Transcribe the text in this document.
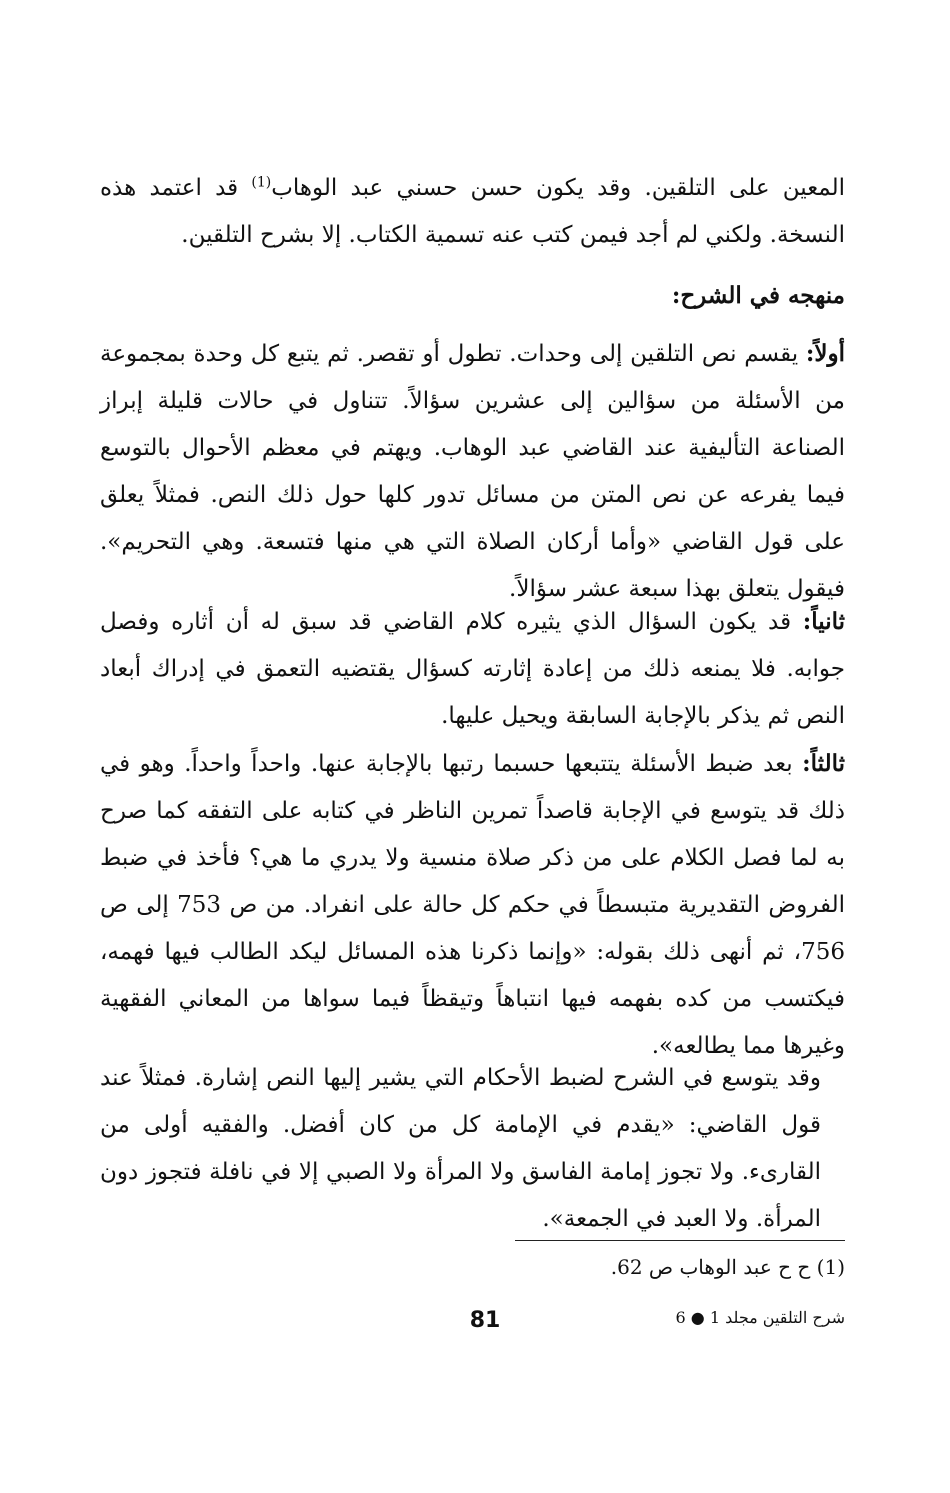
المعين على التلقين. وقد يكون حسن حسني عبد الوهاب$^{(1)}$ قد اعتمد هذه النسخة. ولكني لم أجد فيمن كتب عنه تسمية الكتاب. إلا بشرح التلقين.

منهجه في الشرح:

أولاً: يقسم نص التلقين إلى وحدات. تطول أو تقصر. ثم يتبع كل وحدة بمجموعة من الأسئلة من سؤالين إلى عشرين سؤالاً. تتناول في حالات قليلة إبراز الصناعة التأليفية عند القاضي عبد الوهاب. ويهتم في معظم الأحوال بالتوسع فيما يفرعه عن نص المتن من مسائل تدور كلها حول ذلك النص. فمثلاً يعلق على قول القاضي «وأما أركان الصلاة التي هي منها فتسعة. وهي التحريم». فيقول يتعلق بهذا سبعة عشر سؤالاً.

ثانياً: قد يكون السؤال الذي يثيره كلام القاضي قد سبق له أن أثاره وفصل جوابه. فلا يمنعه ذلك من إعادة إثارته كسؤال يقتضيه التعمق في إدراك أبعاد النص ثم يذكر بالإجابة السابقة ويحيل عليها.

ثالثاً: بعد ضبط الأسئلة يتتبعها حسبما رتبها بالإجابة عنها. واحداً واحداً. وهو في ذلك قد يتوسع في الإجابة قاصداً تمرين الناظر في كتابه على التفقه كما صرح به لما فصل الكلام على من ذكر صلاة منسية ولا يدري ما هي؟ فأخذ في ضبط الفروض التقديرية متبسطاً في حكم كل حالة على انفراد. من ص 753 إلى ص 756، ثم أنهى ذلك بقوله: «وإنما ذكرنا هذه المسائل ليكد الطالب فيها فهمه، فيكتسب من كده بفهمه فيها انتباهاً وتيقظاً فيما سواها من المعاني الفقهية وغيرها مما يطالعه».

وقد يتوسع في الشرح لضبط الأحكام التي يشير إليها النص إشارة. فمثلاً عند قول القاضي: «يقدم في الإمامة كل من كان أفضل. والفقيه أولى من القارىء. ولا تجوز إمامة الفاسق ولا المرأة ولا الصبي إلا في نافلة فتجوز دون المرأة. ولا العبد في الجمعة».

(1) ح ح عبد الوهاب ص 62.
81	شرح التلقين مجلد 1 ● 6
